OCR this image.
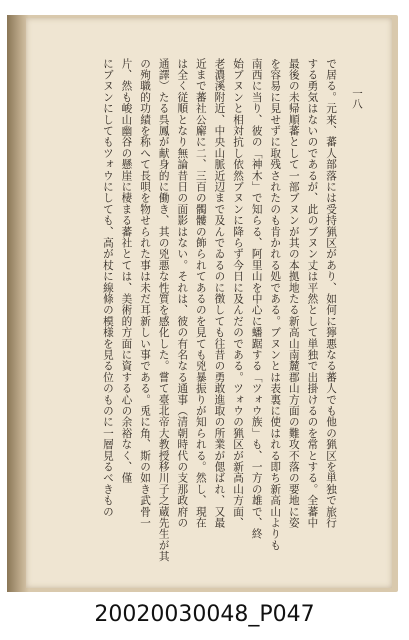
で居る。元来、蕃人部落には受持猟区があり、如何に獰悪なる蕃人でも他の猟区を単独で旅行

する勇気はないのであるが、此のブヌン丈は平然として単独で出掛けるのを常とする。全蕃中

最後の未帰順蕃として一部ブヌンが其の本拠地たる新高山南麓郡山方面の難攻不落の要地に姿

を容易に見せずに取残されたのも肯かれる処である。ブヌンとは表裏に使はれる即ち新高山よりも

南西に当り、彼の「神木」で知らる、阿里山を中心に蟠踞する「ツォウ族」も、一方の雄で、終

始ブヌンと相対抗し依然ブヌンに降らず今日に及んだのである。ツォウの猟区が新高山方面、

老濃溪附近、中央山脈近辺まで及んでゐるのに徴しても往昔の勇敢進取の所業が偲ばれ、又最

近まで蕃社公廨に二、三百の髑髏の飾られてあるのを見ても兇暴振りが知られる。然し、現在

は全く従順となり無論昔日の面影はない。それは、彼の有名なる通事（清朝時代の支那政府の

通譯）たる呉鳳が献身的に働き、其の兇悪な性質を感化した。嘗て臺北帝大教授移川子之蔵先生が其

の殉職的功績を称へて長唄を物せられた事は未だ耳新しい事である。兎に角、斯の如き武骨一

片、然も峻山幽谷の懸崖に棲まる蕃社とては、美術的方面に資する心の余裕なく、僅

にブヌンにしてもツォウにしても、高が杖に線條の模様を見る位のものに一層見るべきもの	一八
20020030048_P047
